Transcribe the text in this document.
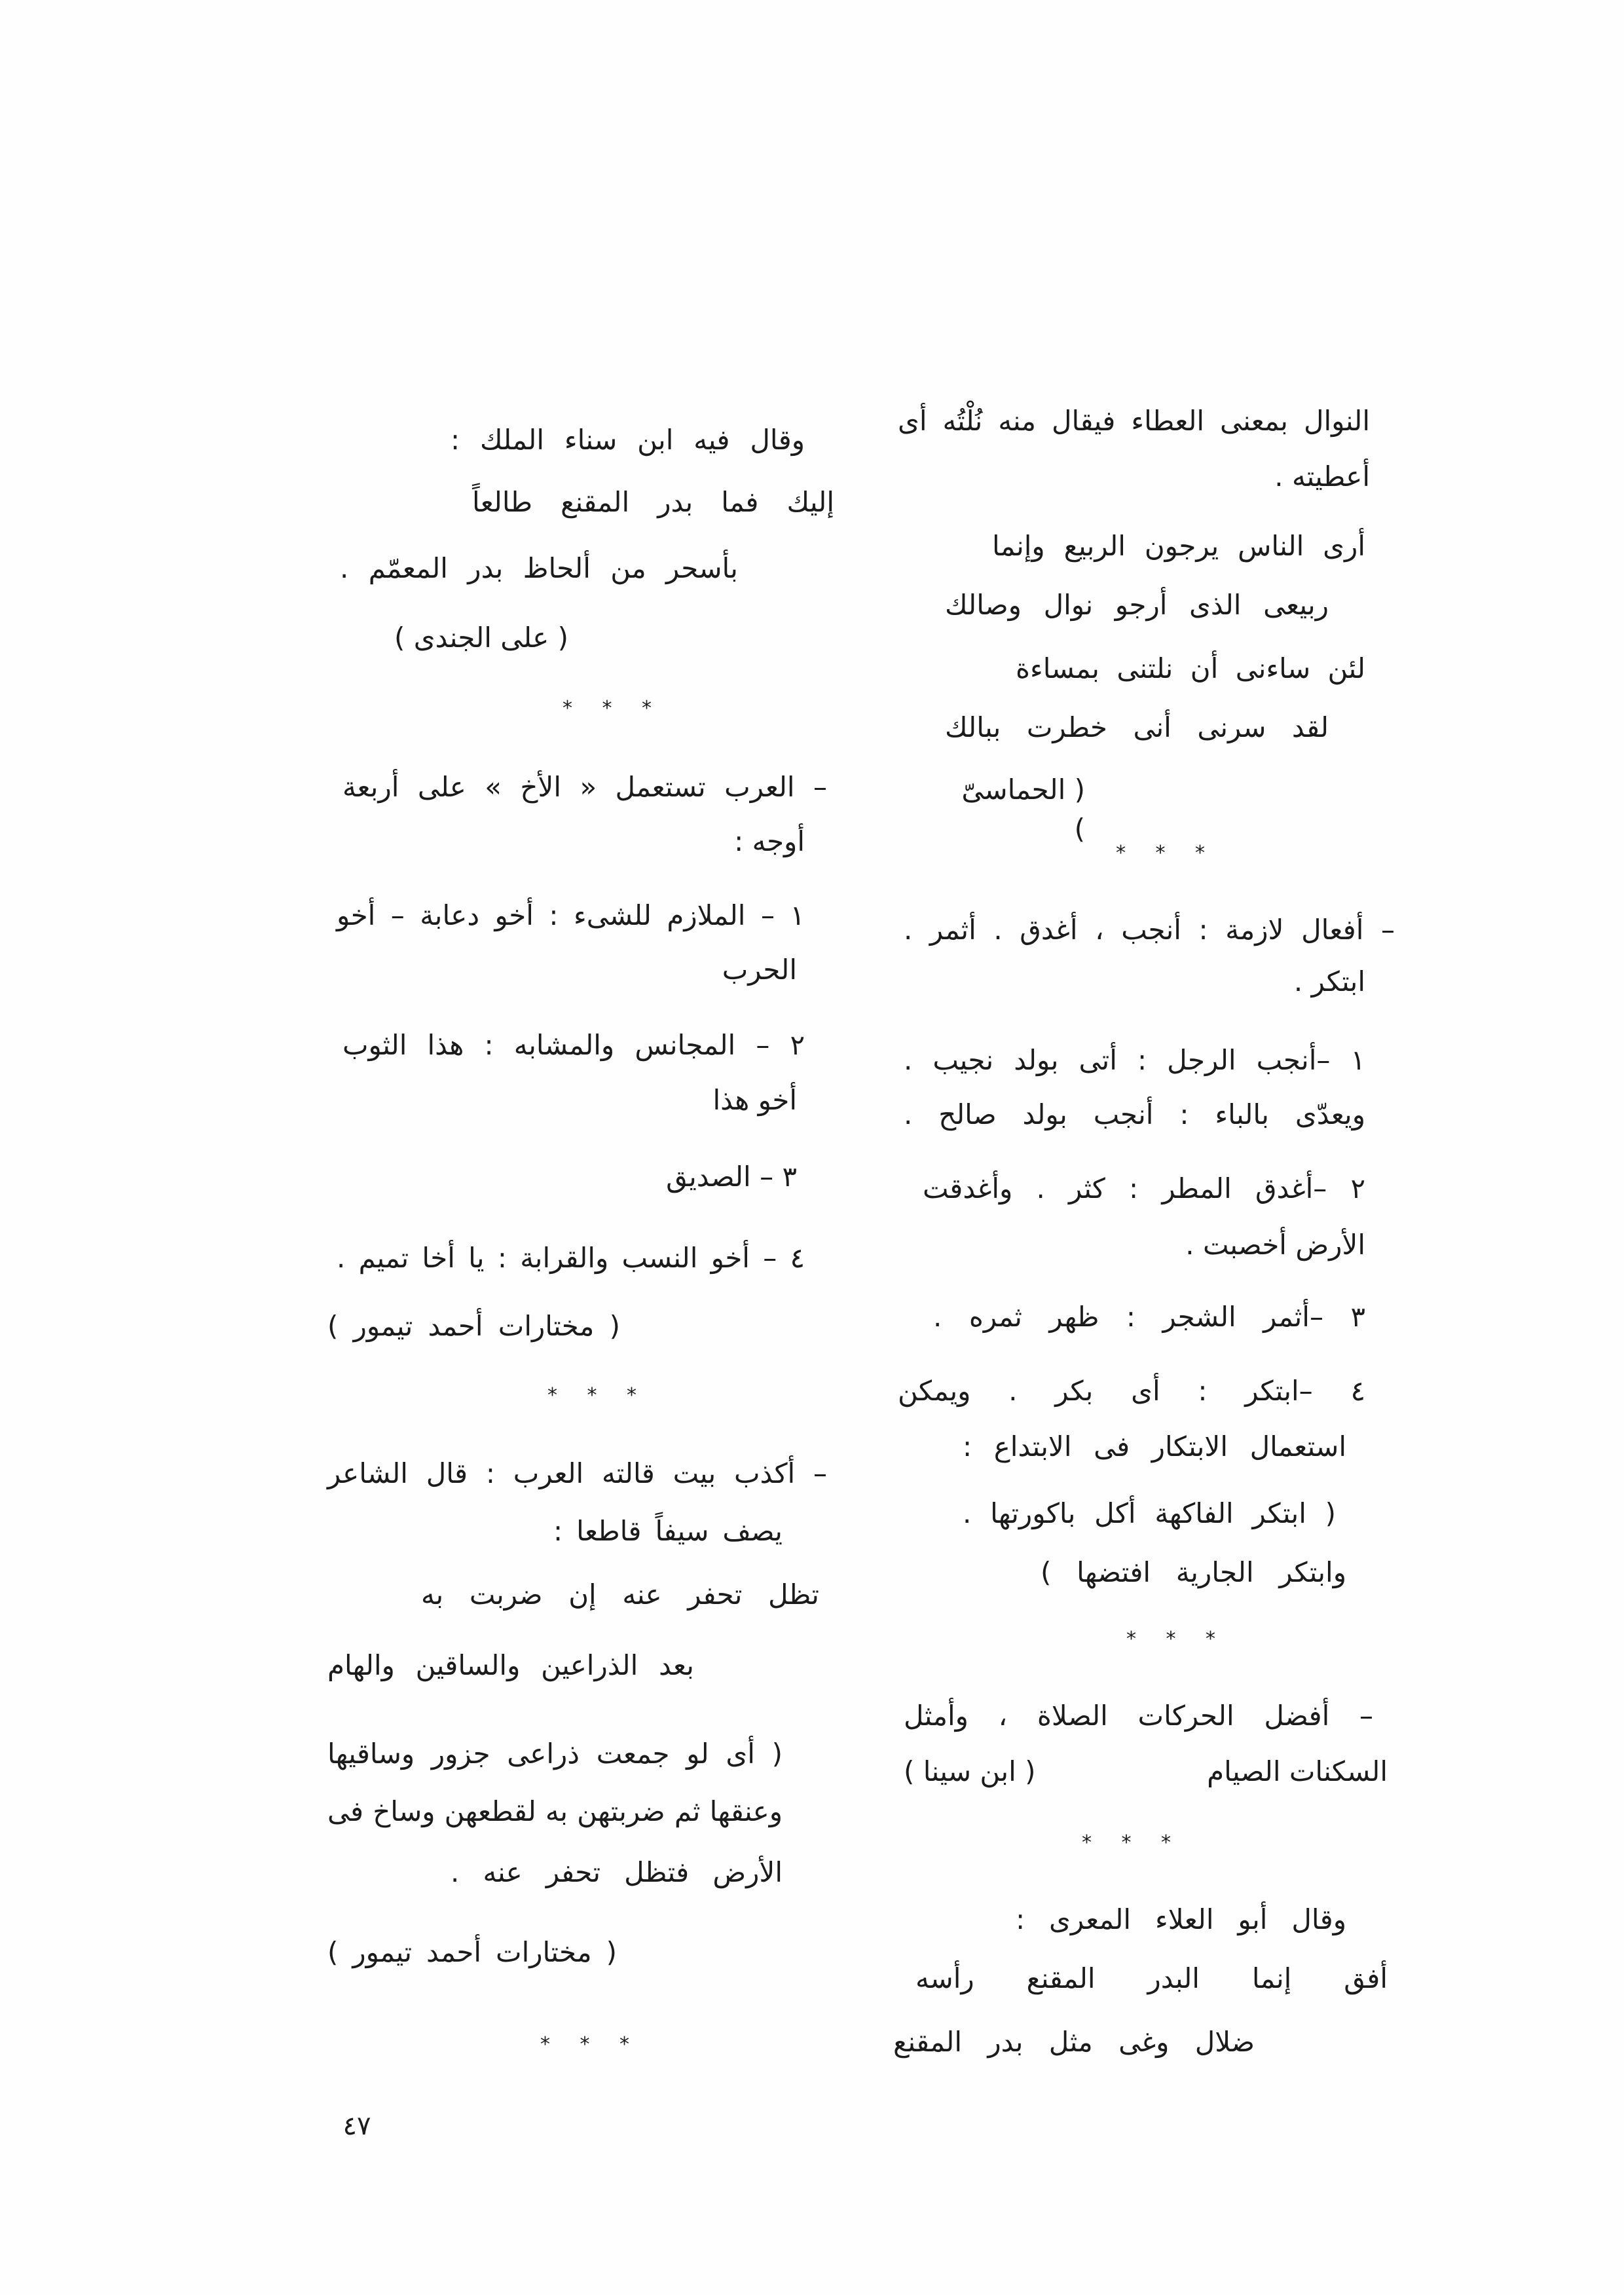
النوال بمعنى العطاء فيقال منه نُلْتُه أى
أعطيته .
أرى الناس يرجون الربيع وإنما
ربيعى الذى أرجو نوال وصالك
لئن ساءنى أن نلتنى بمساءة
لقد سرنى أنى خطرت ببالك
( الحماسىّ )
* * *
– أفعال لازمة : أنجب ، أغدق . أثمر .
ابتكر .
١ –أنجب الرجل : أتى بولد نجيب .
ويعدّى بالباء : أنجب بولد صالح .
٢ –أغدق المطر : كثر . وأغدقت
الأرض أخصبت .
٣ –أثمر الشجر : ظهر ثمره .
٤ –ابتكر : أى بكر . ويمكن
استعمال الابتكار فى الابتداع :
( ابتكر الفاكهة أكل باكورتها .
وابتكر الجارية افتضها )
* * *
– أفضل الحركات الصلاة ، وأمثل
السكنات الصيام
( ابن سينا )
* * *
وقال أبو العلاء المعرى :
أفق إنما البدر المقنع رأسه
ضلال وغى مثل بدر المقنع
وقال فيه ابن سناء الملك :
إليك فما بدر المقنع طالعاً
بأسحر من ألحاظ بدر المعمّم .
( على الجندى )
* * *
– العرب تستعمل « الأخ » على أربعة
أوجه :
١ – الملازم للشىء : أخو دعابة – أخو
الحرب
٢ – المجانس والمشابه : هذا الثوب
أخو هذا
٣ – الصديق
٤ – أخو النسب والقرابة : يا أخا تميم .
( مختارات أحمد تيمور )
* * *
– أكذب بيت قالته العرب : قال الشاعر
يصف سيفاً قاطعا :
تظل تحفر عنه إن ضربت به
بعد الذراعين والساقين والهام
( أى لو جمعت ذراعى جزور وساقيها
وعنقها ثم ضربتهن به لقطعهن وساخ فى
الأرض فتظل تحفر عنه .
( مختارات أحمد تيمور )
* * *
٤٧
